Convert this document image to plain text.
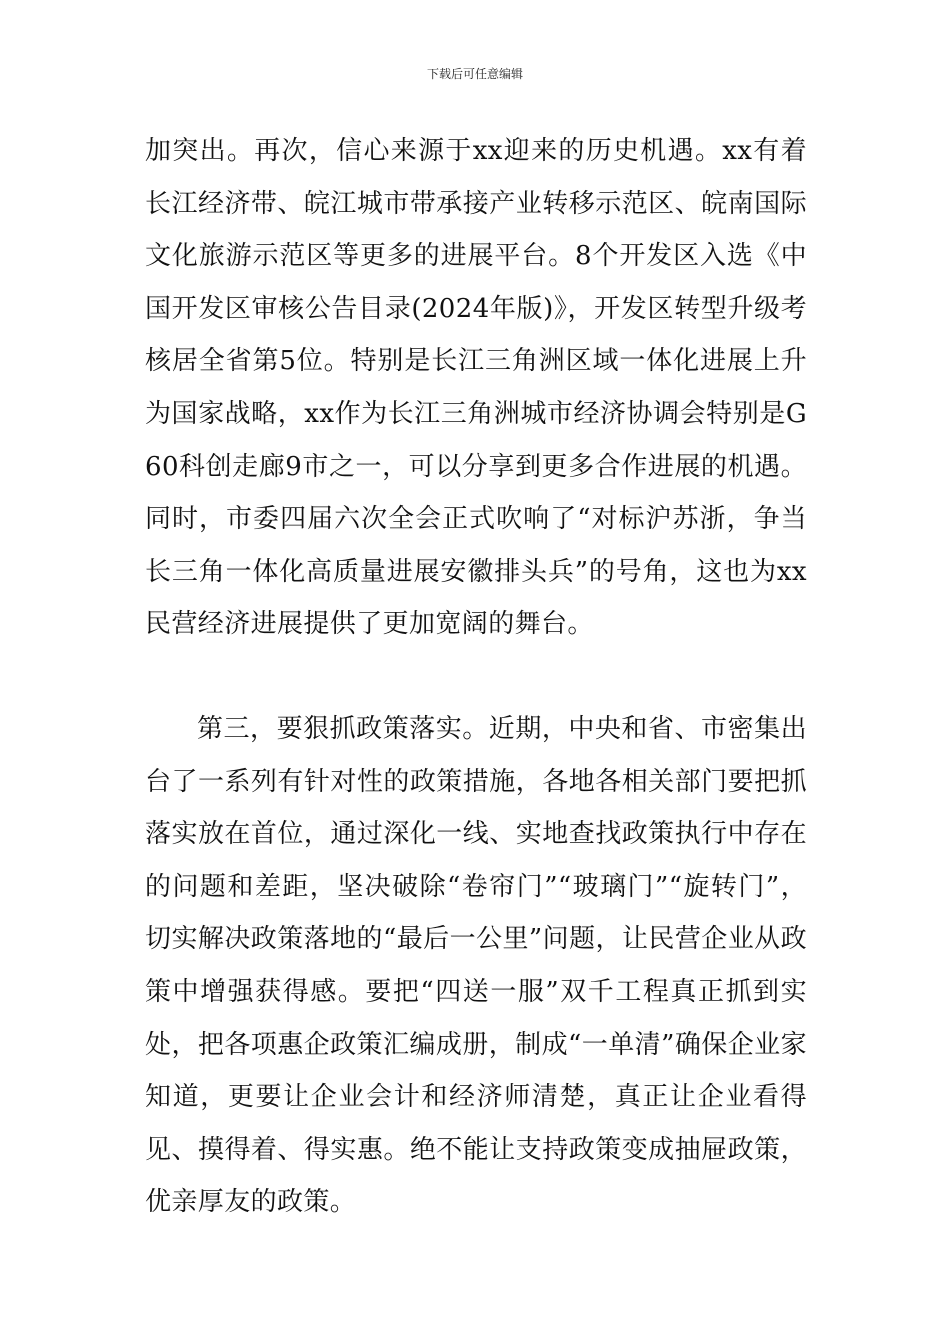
下载后可任意编辑

加突出。再次，信心来源于xx迎来的历史机遇。xx有着长江经济带、皖江城市带承接产业转移示范区、皖南国际文化旅游示范区等更多的进展平台。8个开发区入选《中国开发区审核公告目录(2024年版)》，开发区转型升级考核居全省第5位。特别是长江三角洲区域一体化进展上升为国家战略，xx作为长江三角洲城市经济协调会特别是G60科创走廊9市之一，可以分享到更多合作进展的机遇。同时，市委四届六次全会正式吹响了“对标沪苏浙，争当长三角一体化高质量进展安徽排头兵”的号角，这也为xx民营经济进展提供了更加宽阔的舞台。

第三，要狠抓政策落实。近期，中央和省、市密集出台了一系列有针对性的政策措施，各地各相关部门要把抓落实放在首位，通过深化一线、实地查找政策执行中存在的问题和差距，坚决破除“卷帘门”“玻璃门”“旋转门”，切实解决政策落地的“最后一公里”问题，让民营企业从政策中增强获得感。要把“四送一服”双千工程真正抓到实处，把各项惠企政策汇编成册，制成“一单清”确保企业家知道，更要让企业会计和经济师清楚，真正让企业看得见、摸得着、得实惠。绝不能让支持政策变成抽屉政策，优亲厚友的政策。
